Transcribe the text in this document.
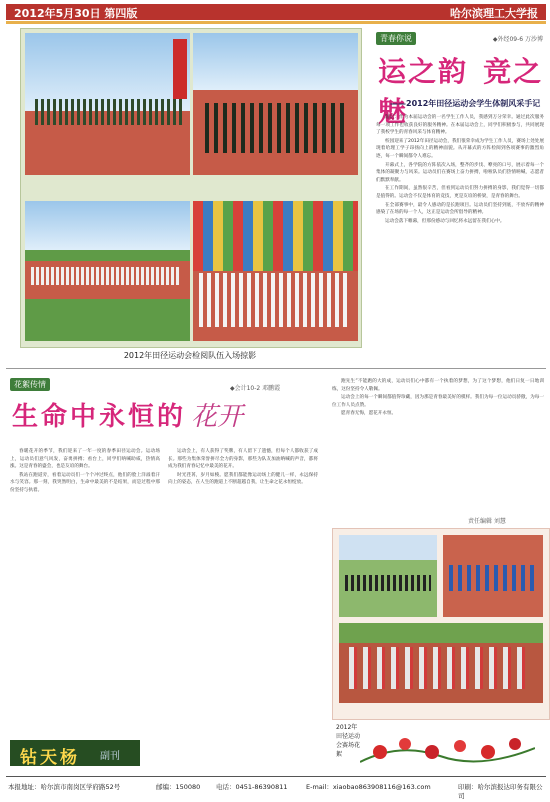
2012年5月30日 第四版	哈尔滨理工大学报
2012年田径运动会检阅队伍入场掠影
青春你说	◆外经09-6 万沙博
运之韵 竞之魅
——2012年田径运动会学生体制风采手记

题记：作为本届运动会的一名学生工作人员，我感到万分荣幸。通过此次服务每一项工作也收获良好的服务精神。在本届运动会上，同学们积极参与，共同展现了我校学生的青春风采与体育精神。

校园迎来了2012年田径运动会，我们很荣幸成为学生工作人员，赛场上处处展现着哈理工学子昂扬向上的精神面貌。从开幕式的方阵检阅到各项赛事的激烈角逐，每一个瞬间都令人难忘。

开幕式上，各学院的方阵依次入场，整齐的步伐、嘹亮的口号，展示着每一个集体的凝聚力与风采。运动员们在赛场上奋力拼搏，啦啦队员们热情呐喊，志愿者们默默奉献。

在工作期间，虽然很辛苦，但看到运动员们努力拼搏的身影，我们觉得一切都是值得的。运动会不仅是体育的竞技，更是友谊的桥梁，是青春的舞台。

在全部赛事中，最令人感动的是长跑项目。运动员们坚持到底，不放弃的精神感染了在场的每一个人，这正是运动会所倡导的精神。

运动会落下帷幕，但那份感动与回忆将永远留在我们心中。

花絮传情	◆会计10-2 邓鹏霞
生命中永恒的 花开

春暖花开的季节，我们迎来了一年一度的春季田径运动会。运动场上，运动员们意气风发，奋勇拼搏；看台上，同学们呐喊助威，热情高涨。这是青春的盛会，也是友谊的舞台。

我站在跑道旁，看着运动员们一个个冲过终点，他们的脸上洋溢着汗水与笑容。那一刻，我突然明白，生命中最美的不是结果，而是过程中那份坚持与执着。

运动会上，有人获得了奖牌，有人留下了遗憾，但每个人都收获了成长。那些为集体荣誉拼尽全力的身影，那些为队友加油呐喊的声音，都将成为我们青春记忆中最美的花开。

时光荏苒，岁月如梭。愿我们都能像运动场上的健儿一样，永远保持向上的姿态，在人生的跑道上不断超越自我，让生命之花永恒绽放。

跑先生”不能跑的大的成，运动员们心中都有一个执着的梦想，为了这个梦想，他们日复一日地训练，这份坚持令人敬佩。

运动会上的每一个瞬间都值得珍藏，因为那是青春最美好的模样。我们为每一位运动员骄傲，为每一位工作人员点赞。

愿青春无悔，愿花开永恒。

责任编辑 刘慧
2012年田径运动会赛场花絮
钻天杨 副刊
本报地址：哈尔滨市南岗区学府路52号	邮编：150080 电话：0451-86390811	E-mail：xiaobao863908116@163.com	印刷：哈尔滨报达印务有限公司
